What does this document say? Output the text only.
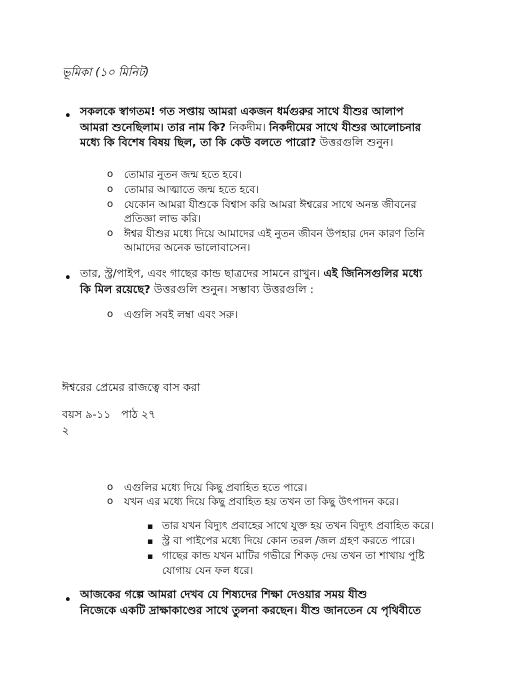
ভূমিকা (১০ মিনিট)
• সকলকে স্বাগতম! গত সপ্তায় আমরা একজন ধর্মগুরুর সাথে যীশুর আলাপ
আমরা শুনেছিলাম। তার নাম কি? নিকদীম। নিকদীমের সাথে যীশুর আলোচনার
মধ্যে কি বিশেষ বিষয় ছিল, তা কি কেউ বলতে পারো? উত্তরগুলি শুনুন।
o তোমার নুতন জন্ম হতে হবে।
o তোমার আত্মাতে জন্ম হতে হবে।
o যেকোন আমরা যীশুকে বিশ্বাস করি আমরা ঈশ্বরের সাথে অনন্ত জীবনের
প্রতিজ্ঞা লাভ করি।
o ঈশ্বর যীশুর মধ্যে দিয়ে আমাদের এই নুতন জীবন উপহার দেন কারণ তিনি
আমাদের অনেক ভালোবাসেন।
• তার, স্ট্র/পাইপ, এবং গাছের কান্ড ছাত্রদের সামনে রাখুন। এই জিনিসগুলির মধ্যে
কি মিল রয়েছে? উত্তরগুলি শুনুন। সম্ভাব্য উত্তরগুলি :
o এগুলি সবই লম্বা এবং সরু।
ঈশ্বরের প্রেমের রাজত্বে বাস করা
বয়স ৯-১১   পাঠ ২৭
২
o এগুলির মধ্যে দিয়ে কিছু প্রবাহিত হতে পারে।
o যখন এর মধ্যে দিয়ে কিছু প্রবাহিত হয় তখন তা কিছু উৎপাদন করে।
▪ তার যখন বিদ্যুৎ প্রবাহের সাথে যুক্ত হয় তখন বিদ্যুৎ প্রবাহিত করে।
▪ স্ট্র বা পাইপের মধ্যে দিয়ে কোন তরল /জল গ্রহণ করতে পারে।
▪ গাছের কান্ড যখন মাটির গভীরে শিকড় দেয় তখন তা শাখায় পুষ্টি
যোগায় যেন ফল ধরে।
• আজকের গল্পে আমরা দেখব যে শিষ্যদের শিক্ষা দেওয়ার সময় যীশু
নিজেকে একটি দ্রাক্ষাকাণ্ডের সাথে তুলনা করছেন। যীশু জানতেন যে পৃথিবীতে
